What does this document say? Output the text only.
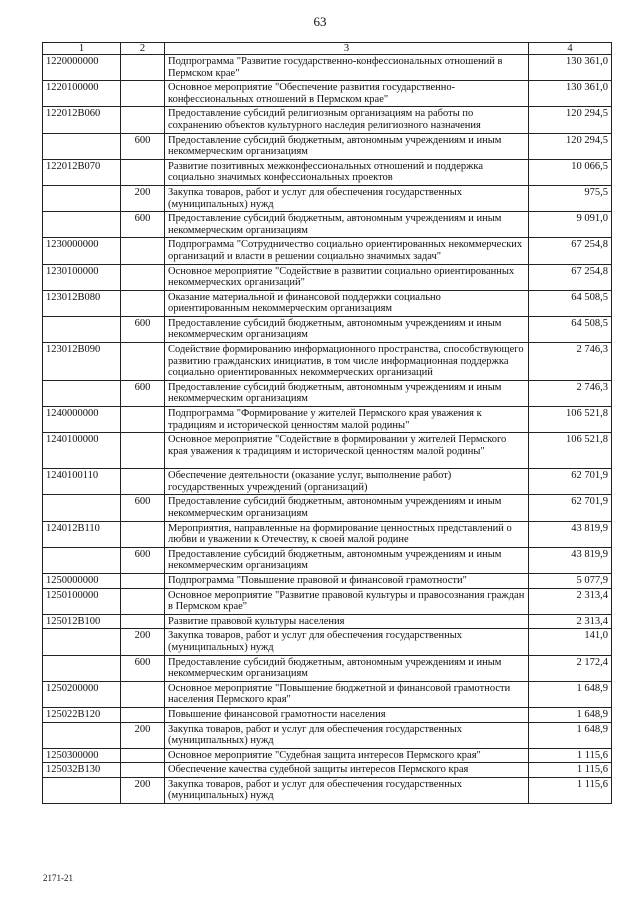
63
1	2	3	4
1220000000		Подпрограмма "Развитие государственно-конфессиональных отношений в Пермском крае"	130 361,0
1220100000		Основное мероприятие "Обеспечение развития государственно-конфессиональных отношений в Пермском крае"	130 361,0
122012В060		Предоставление субсидий религиозным организациям на работы по сохранению объектов культурного наследия религиозного назначения	120 294,5
	600	Предоставление субсидий бюджетным, автономным учреждениям и иным некоммерческим организациям	120 294,5
122012В070		Развитие позитивных межконфессиональных отношений и поддержка социально значимых конфессиональных проектов	10 066,5
	200	Закупка товаров, работ и услуг для обеспечения государственных (муниципальных) нужд	975,5
	600	Предоставление субсидий бюджетным, автономным учреждениям и иным некоммерческим организациям	9 091,0
1230000000		Подпрограмма "Сотрудничество социально ориентированных некоммерческих организаций и власти в решении социально значимых задач"	67 254,8
1230100000		Основное мероприятие "Содействие в развитии социально ориентированных некоммерческих организаций"	67 254,8
123012В080		Оказание материальной и финансовой поддержки социально ориентированным некоммерческим организациям	64 508,5
	600	Предоставление субсидий бюджетным, автономным учреждениям и иным некоммерческим организациям	64 508,5
123012В090		Содействие формированию информационного пространства, способствующего развитию гражданских инициатив, в том числе информационная поддержка социально ориентированных некоммерческих организаций	2 746,3
	600	Предоставление субсидий бюджетным, автономным учреждениям и иным некоммерческим организациям	2 746,3
1240000000		Подпрограмма "Формирование у жителей Пермского края уважения к традициям и исторической ценностям малой родины"	106 521,8
1240100000		Основное мероприятие "Содействие в формировании у жителей Пермского края уважения к традициям и исторической ценностям малой родины"	106 521,8
1240100110		Обеспечение деятельности (оказание услуг, выполнение работ) государственных учреждений (организаций)	62 701,9
	600	Предоставление субсидий бюджетным, автономным учреждениям и иным некоммерческим организациям	62 701,9
124012В110		Мероприятия, направленные на формирование ценностных представлений о любви и уважении к Отечеству, к своей малой родине	43 819,9
	600	Предоставление субсидий бюджетным, автономным учреждениям и иным некоммерческим организациям	43 819,9
1250000000		Подпрограмма "Повышение правовой и финансовой грамотности"	5 077,9
1250100000		Основное мероприятие "Развитие правовой культуры и правосознания граждан в Пермском крае"	2 313,4
125012В100		Развитие правовой культуры населения	2 313,4
	200	Закупка товаров, работ и услуг для обеспечения государственных (муниципальных) нужд	141,0
	600	Предоставление субсидий бюджетным, автономным учреждениям и иным некоммерческим организациям	2 172,4
1250200000		Основное мероприятие "Повышение бюджетной и финансовой грамотности населения Пермского края"	1 648,9
125022В120		Повышение финансовой грамотности населения	1 648,9
	200	Закупка товаров, работ и услуг для обеспечения государственных (муниципальных) нужд	1 648,9
1250300000		Основное мероприятие "Судебная защита интересов Пермского края"	1 115,6
125032В130		Обеспечение качества судебной защиты интересов Пермского края	1 115,6
	200	Закупка товаров, работ и услуг для обеспечения государственных (муниципальных) нужд	1 115,6
2171-21
